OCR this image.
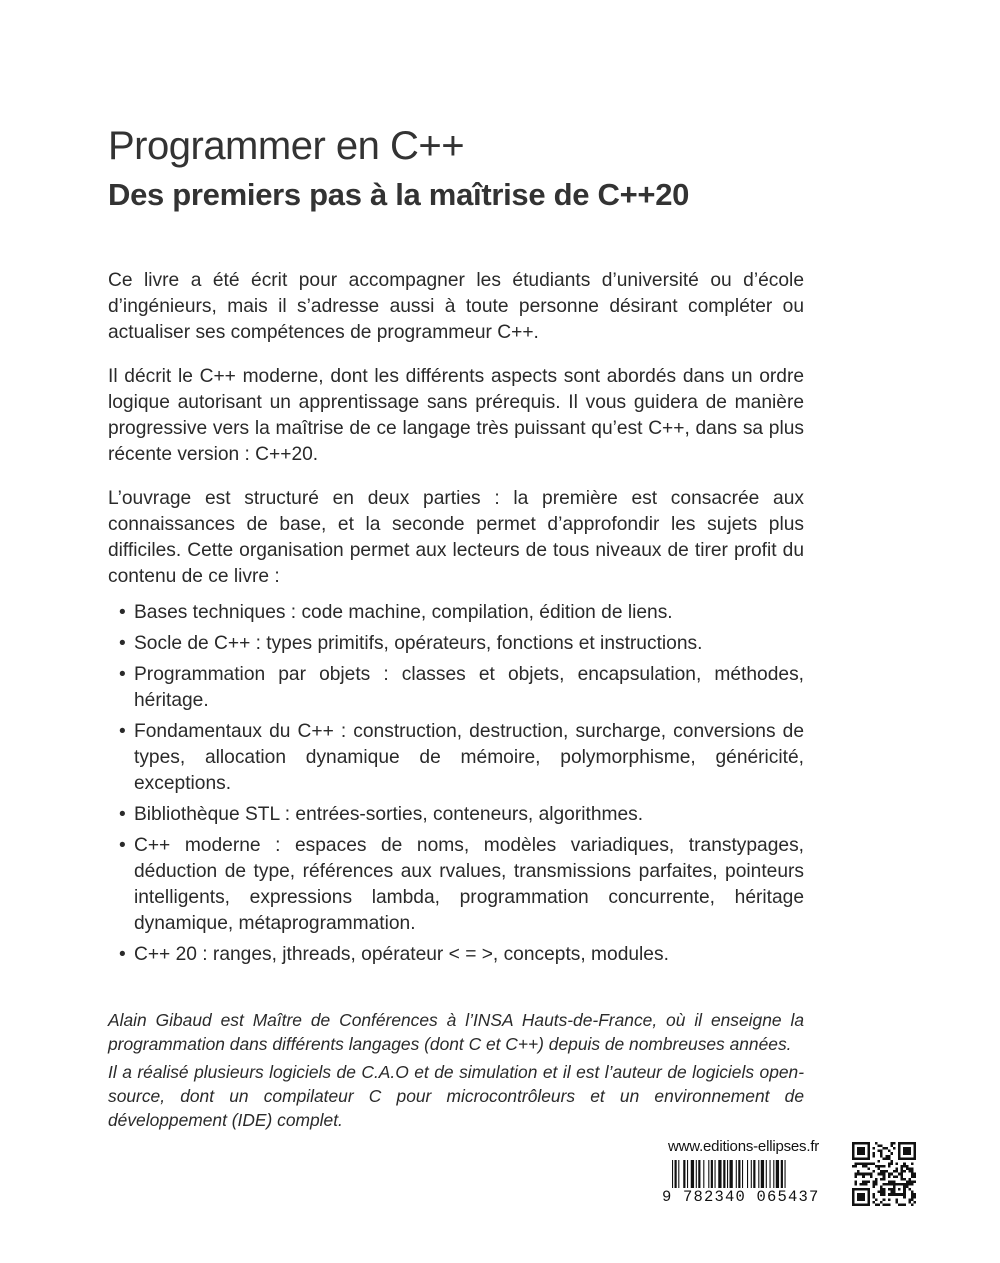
Programmer en C++
Des premiers pas à la maîtrise de C++20

Ce livre a été écrit pour accompagner les étudiants d’université ou d’école d’ingénieurs, mais il s’adresse aussi à toute personne désirant compléter ou actualiser ses compétences de programmeur C++.

Il décrit le C++ moderne, dont les différents aspects sont abordés dans un ordre logique autorisant un apprentissage sans prérequis. Il vous guidera de manière progressive vers la maîtrise de ce langage très puissant qu’est C++, dans sa plus récente version : C++20.

L’ouvrage est structuré en deux parties : la première est consacrée aux connaissances de base, et la seconde permet d’approfondir les sujets plus difficiles. Cette organisation permet aux lecteurs de tous niveaux de tirer profit du contenu de ce livre :

• Bases techniques : code machine, compilation, édition de liens.
• Socle de C++ : types primitifs, opérateurs, fonctions et instructions.
• Programmation par objets : classes et objets, encapsulation, méthodes, héritage.
• Fondamentaux du C++ : construction, destruction, surcharge, conversions de types, allocation dynamique de mémoire, polymorphisme, généricité, exceptions.
• Bibliothèque STL : entrées-sorties, conteneurs, algorithmes.
• C++ moderne : espaces de noms, modèles variadiques, transtypages, déduction de type, références aux rvalues, transmissions parfaites, pointeurs intelligents, expressions lambda, programmation concurrente, héritage dynamique, métaprogrammation.
• C++ 20 : ranges, jthreads, opérateur < = >, concepts, modules.

Alain Gibaud est Maître de Conférences à l’INSA Hauts-de-France, où il enseigne la programmation dans différents langages (dont C et C++) depuis de nombreuses années.

Il a réalisé plusieurs logiciels de C.A.O et de simulation et il est l’auteur de logiciels open-source, dont un compilateur C pour microcontrôleurs et un environnement de développement (IDE) complet.

www.editions-ellipses.fr
9 782340 065437
